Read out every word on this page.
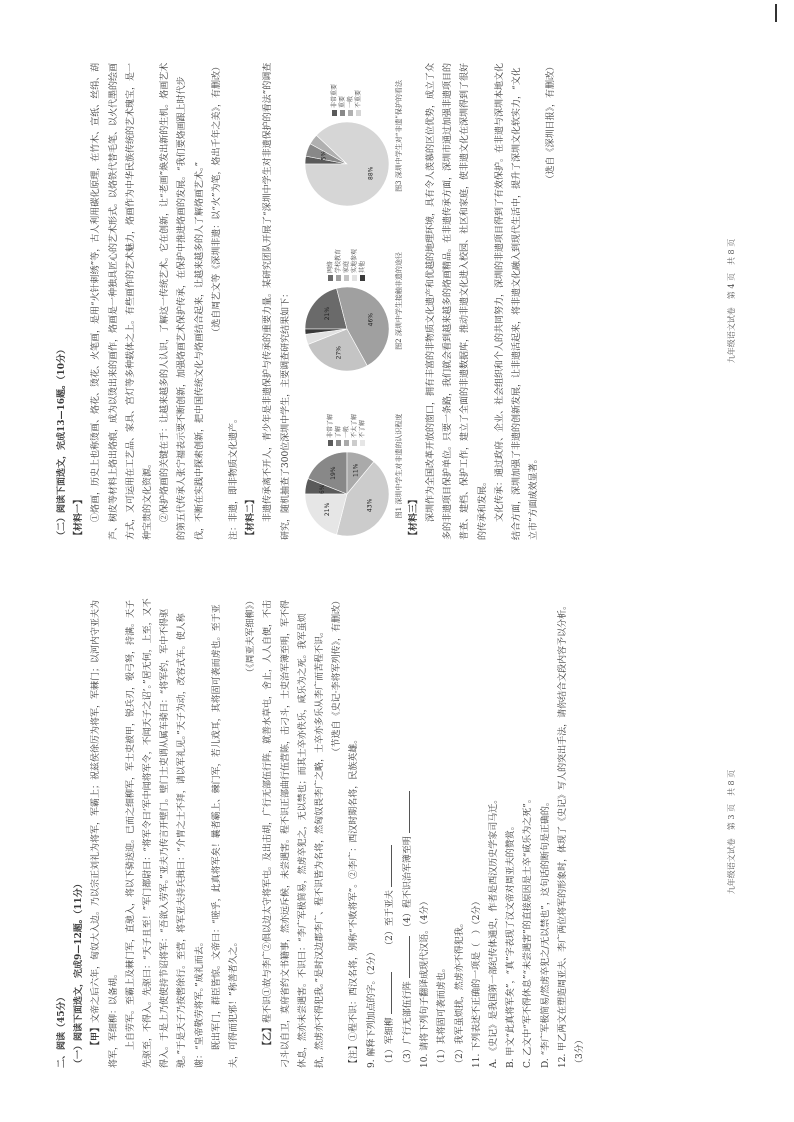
二、阅读（45分） （一）阅读下面选文，完成9—12题。（11分） 【甲】文帝之后六年，匈奴大入边。乃以宗正刘礼为将军，军霸上；祝兹侯徐厉为将军，军棘门；以河内守亚夫为将军，军细柳：以备胡。 上自劳军。至霸上及棘门军，直驰入，将以下骑送迎。已而之细柳军，军士吏被甲，锐兵刃，彀弓弩，持满。天子先驱至，不得入。先驱曰：“天子且至！”军门都尉曰：“将军令曰‘军中闻将军令，不闻天子之诏’。”居无何，上至，又不得入。于是上乃使使持节诏将军：“吾欲入劳军。”亚夫乃传言开壁门。壁门士吏谓从属车骑曰：“将军约，军中不得驱驰。”于是天子乃按辔徐行。至营，将军亚夫持兵揖曰：“介胄之士不拜，请以军礼见。”天子为动，改容式车。使人称谢：“皇帝敬劳将军。”成礼而去。 既出军门，群臣皆惊。文帝曰：“嗟乎，此真将军矣！曩者霸上、棘门军，若儿戏耳，其将固可袭而虏也。至于亚夫，可得而犯邪！”称善者久之。

（《周亚夫军细柳》）

【乙】程不识①故与李广②俱以边太守将军屯。及出击胡，广行无部伍行阵，就善水草屯，舍止，人人自便，不击刁斗以自卫，莫府省约文书籍事，然亦远斥候，未尝遇害。程不识正部曲行伍营陈，击刁斗，士吏治军簿至明，军不得休息，然亦未尝遇害。不识曰：“李广军极简易，然虏卒犯之，无以禁也；而其士卒亦佚乐，咸乐为之死。我军虽烦扰，然虏亦不得犯我。”是时汉边郡李广、程不识皆为名将，然匈奴畏李广之略，士卒亦多乐从李广而苦程不识。 （节选自《史记·李将军列传》，有删改）

【注】①程不识：西汉名将，别称“不败将军”。②李广：西汉时期名将，民族英雄。 9. 解释下列加点的字。（2分） （1）军细柳 　　　（2）至于亚夫

（3）广行无部伍行阵 　（4）程不识治军簿至明

10. 请将下列句子翻译成现代汉语。（4分） （1）其将固可袭而虏也。 （2）我军虽烦扰，然虏亦不得犯我。 11. 下列表述不正确的一项是（　）（2分） A. 《史记》是我国第一部纪传体通史，作者是西汉历史学家司马迁。 B. 甲文“此真将军矣”，“真”字表现了汉文帝对周亚夫的赞赏。 C. 乙文中“军不得休息”“未尝遇害”的直接原因是士卒“咸乐为之死”。 D. “李广军极简易/然虏卒犯之/无以禁也”，这句话的断句是正确的。 12. 甲乙两文在塑造周亚夫、李广两位将军的形象时，体现了《史记》写人的突出手法，请你结合文段内容予以分析。（3分）

九年级语文试卷　第 3 页　共 8 页

（二）阅读下面选文，完成13—16题。（10分） 【材料一】 ①烙画，历史上也称烫画、烙花、烫花、火笔画，是用“火针刺绣”等，古人利用碳化原理，在竹木、宣纸、丝绢、葫芦、树皮等材料上烙出烙痕，成为以烫出来的画作，烙画是一种独具匠心的艺术形式。以烙铁代替毛笔、以火代墨的绘画方式，又可运用在工艺品、家具、宫灯等多种载体之上。有些画作的艺术魅力，烙画作为中华民族传统的艺术瑰宝，是一种宝贵的文化资源。 ②保护烙画的关键在于：让越来越多的人认识，了解这一传统艺术。它在创新，让“老画”焕发出新的生机。烙画艺术的第五代传承人张宁福表示要不断创新，加强烙画艺术保护传承，在保护中推进烙画的发展。“我们要烙画跟上时代步伐，不断在实践中探索创新，把中国传统文化与烙画结合起来，让越来越多的人了解烙画艺术。” （选自周艺文等《深圳非遗：以“火”为笔，烙出千年之美》，有删改）

注：非遗，即非物质文化遗产。 【材料二】 非遗传承离不开人，青少年是非遗保护与传承的重要力量。某研究团队开展了“深圳中学生对非遗保护的看法”的调查研究，随机抽查了300位深圳中学生，主要调查研究结果如下：	6%
19%	11%
43%
21%
非常了解 了解 一般 不太了解 不了解	图1 深圳中学生对非遗的认识程度
21%	46%
27%
网络 学校教育 家庭 实地参观 其他	图2 深圳中学生接触非遗的途径
5%
88%
非常重要 重要 一般 不重要	图3 深圳中学生对“非遗”保护的看法

【材料三】 深圳作为全国改革开放的窗口，拥有丰富的非物质文化遗产和优越的地理环境，具有令人羡慕的区位优势，成立了众多的非遗项目保护单位。只要一条路，我们就会看到越来越多的烙画精品。在非遗传承方面，深圳市通过加强非遗项目的普查、建档、保护工作，建立了全面的非遗数据库，推动非遗文化进入校园、社区和家庭，使非遗文化在深圳得到了很好的传承和发展。 文化传承：通过政府、企业、社会组织和个人的共同努力，深圳的非遗项目得到了有效保护。在非遗与深圳本地文化结合方面，深圳加强了非遗的创新发展，让非遗活起来，将非遗文化融入到现代生活中，提升了深圳文化软实力，“文化立市”方面成效显著。

（选自《深圳日报》，有删改）

九年级语文试卷　第 4 页　共 8 页
